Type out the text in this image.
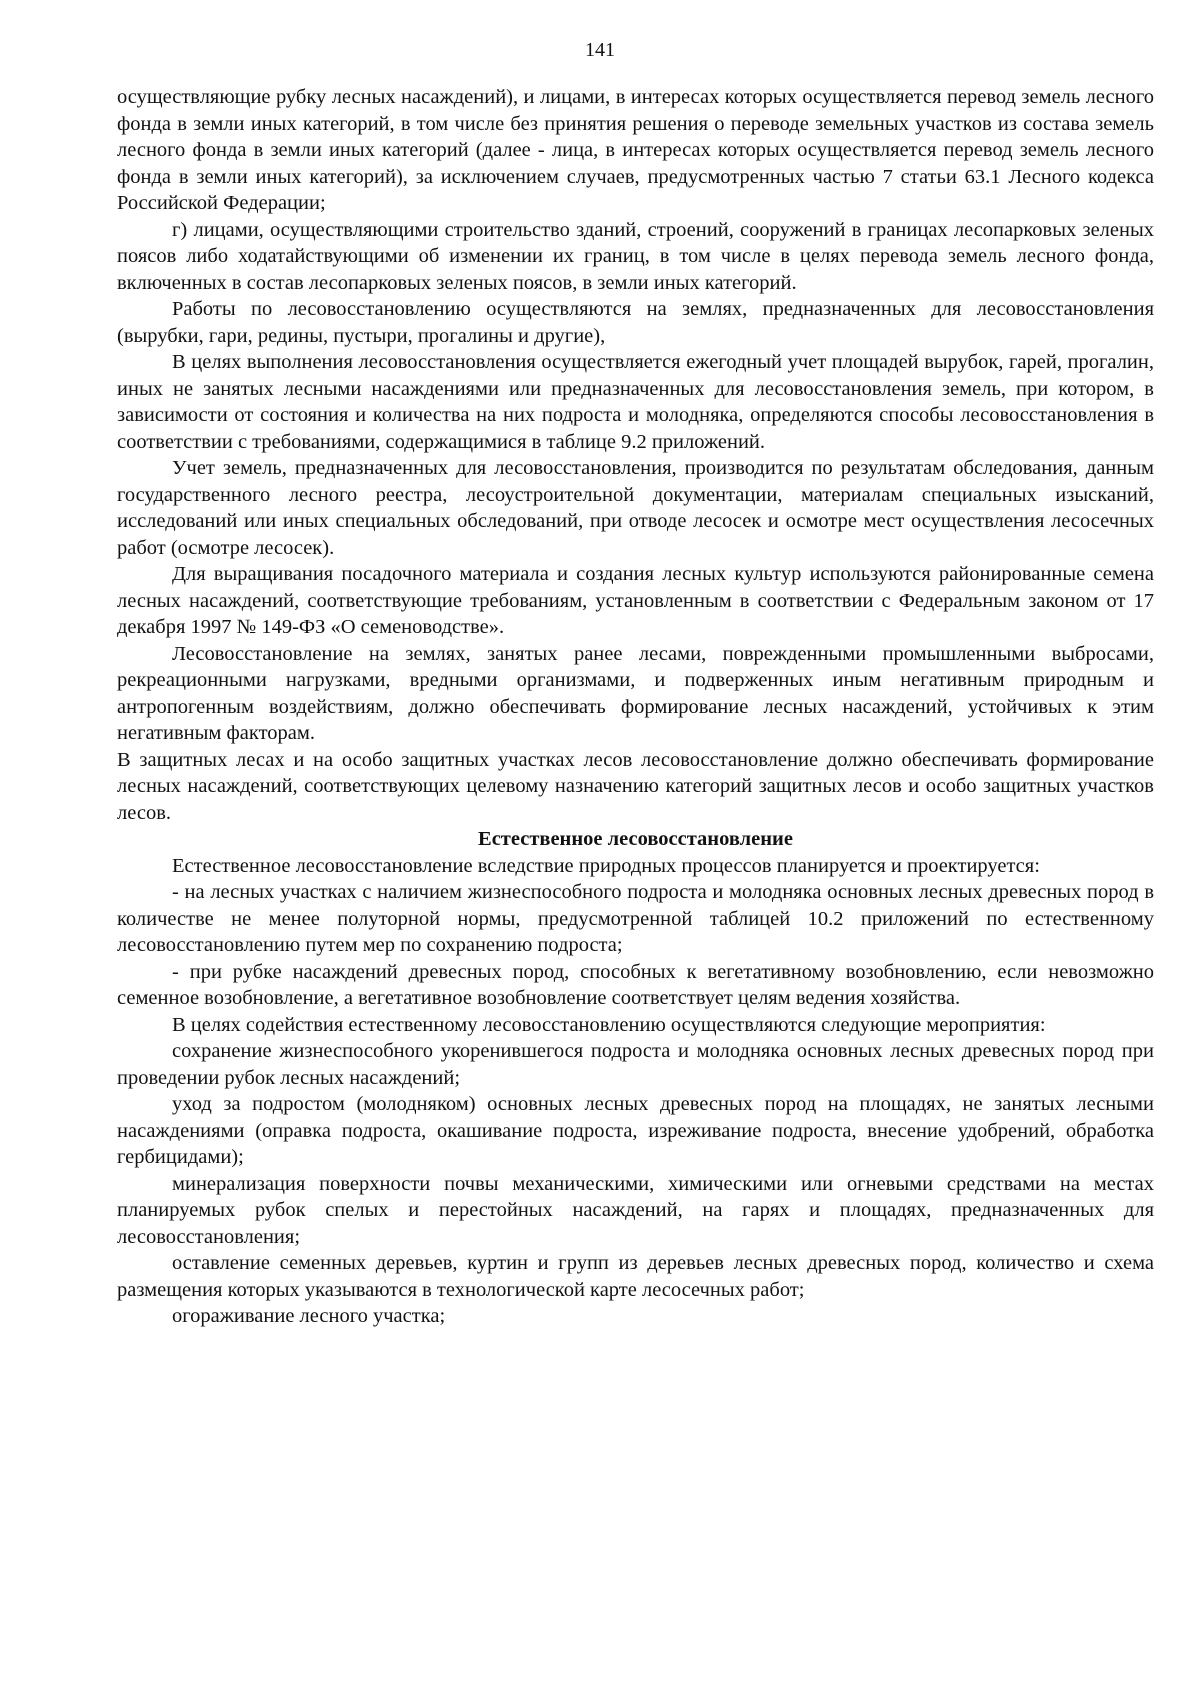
141

осуществляющие рубку лесных насаждений), и лицами, в интересах которых осуществляется перевод земель лесного фонда в земли иных категорий, в том числе без принятия решения о переводе земельных участков из состава земель лесного фонда в земли иных категорий (далее - лица, в интересах которых осуществляется перевод земель лесного фонда в земли иных категорий), за исключением случаев, предусмотренных частью 7 статьи 63.1 Лесного кодекса Российской Федерации;

г) лицами, осуществляющими строительство зданий, строений, сооружений в границах лесопарковых зеленых поясов либо ходатайствующими об изменении их границ, в том числе в целях перевода земель лесного фонда, включенных в состав лесопарковых зеленых поясов, в земли иных категорий.

Работы по лесовосстановлению осуществляются на землях, предназначенных для лесовосстановления (вырубки, гари, редины, пустыри, прогалины и другие),

В целях выполнения лесовосстановления осуществляется ежегодный учет площадей вырубок, гарей, прогалин, иных не занятых лесными насаждениями или предназначенных для лесовосстановления земель, при котором, в зависимости от состояния и количества на них подроста и молодняка, определяются способы лесовосстановления в соответствии с требованиями, содержащимися в таблице 9.2 приложений.

Учет земель, предназначенных для лесовосстановления, производится по результатам обследования, данным государственного лесного реестра, лесоустроительной документации, материалам специальных изысканий, исследований или иных специальных обследований, при отводе лесосек и осмотре мест осуществления лесосечных работ (осмотре лесосек).

Для выращивания посадочного материала и создания лесных культур используются районированные семена лесных насаждений, соответствующие требованиям, установленным в соответствии с Федеральным законом от 17 декабря 1997 № 149-ФЗ «О семеноводстве».

Лесовосстановление на землях, занятых ранее лесами, поврежденными промышленными выбросами, рекреационными нагрузками, вредными организмами, и подверженных иным негативным природным и антропогенным воздействиям, должно обеспечивать формирование лесных насаждений, устойчивых к этим негативным факторам.

В защитных лесах и на особо защитных участках лесов лесовосстановление должно обеспечивать формирование лесных насаждений, соответствующих целевому назначению категорий защитных лесов и особо защитных участков лесов.

Естественное лесовосстановление

Естественное лесовосстановление вследствие природных процессов планируется и проектируется:

- на лесных участках с наличием жизнеспособного подроста и молодняка основных лесных древесных пород в количестве не менее полуторной нормы, предусмотренной таблицей 10.2 приложений по естественному лесовосстановлению путем мер по сохранению подроста;

- при рубке насаждений древесных пород, способных к вегетативному возобновлению, если невозможно семенное возобновление, а вегетативное возобновление соответствует целям ведения хозяйства.

В целях содействия естественному лесовосстановлению осуществляются следующие мероприятия:

сохранение жизнеспособного укоренившегося подроста и молодняка основных лесных древесных пород при проведении рубок лесных насаждений;

уход за подростом (молодняком) основных лесных древесных пород на площадях, не занятых лесными насаждениями (оправка подроста, окашивание подроста, изреживание подроста, внесение удобрений, обработка гербицидами);

минерализация поверхности почвы механическими, химическими или огневыми средствами на местах планируемых рубок спелых и перестойных насаждений, на гарях и площадях, предназначенных для лесовосстановления;

оставление семенных деревьев, куртин и групп из деревьев лесных древесных пород, количество и схема размещения которых указываются в технологической карте лесосечных работ;

огораживание лесного участка;
